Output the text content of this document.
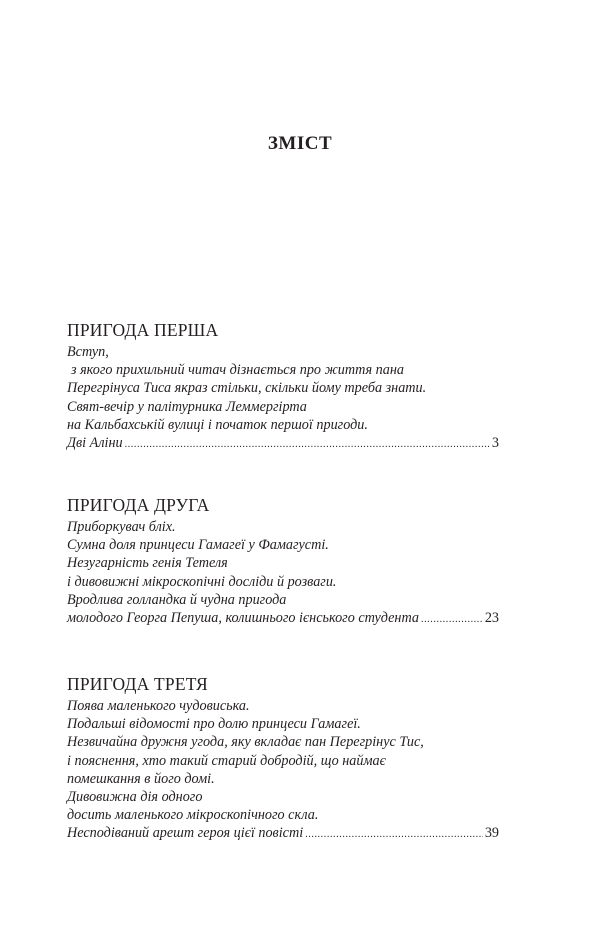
ЗМІСТ
ПРИГОДА ПЕРША
Вступ,
з якого прихильний читач дізнається про життя пана
Перегрінуса Тиса якраз стільки, скільки йому треба знати.
Свят-вечір у палітурника Леммергірта
на Кальбахській вулиці і початок першої пригоди.
Дві Аліни .....	3
ПРИГОДА ДРУГА
Приборкувач бліх.
Сумна доля принцеси Гамагеї у Фамагусті.
Незугарність генія Тетеля
і дивовижні мікроскопічні досліди й розваги.
Вродлива голландка й чудна пригода
молодого Георга Пепуша, колишнього ієнського студента .....	23
ПРИГОДА ТРЕТЯ
Поява маленького чудовиська.
Подальші відомості про долю принцеси Гамагеї.
Незвичайна дружня угода, яку вкладає пан Перегрінус Тис,
і пояснення, хто такий старий добродій, що наймає
помешкання в його домі.
Дивовижна дія одного
досить маленького мікроскопічного скла.
Несподіваний арешт героя цієї повісті .....	39
